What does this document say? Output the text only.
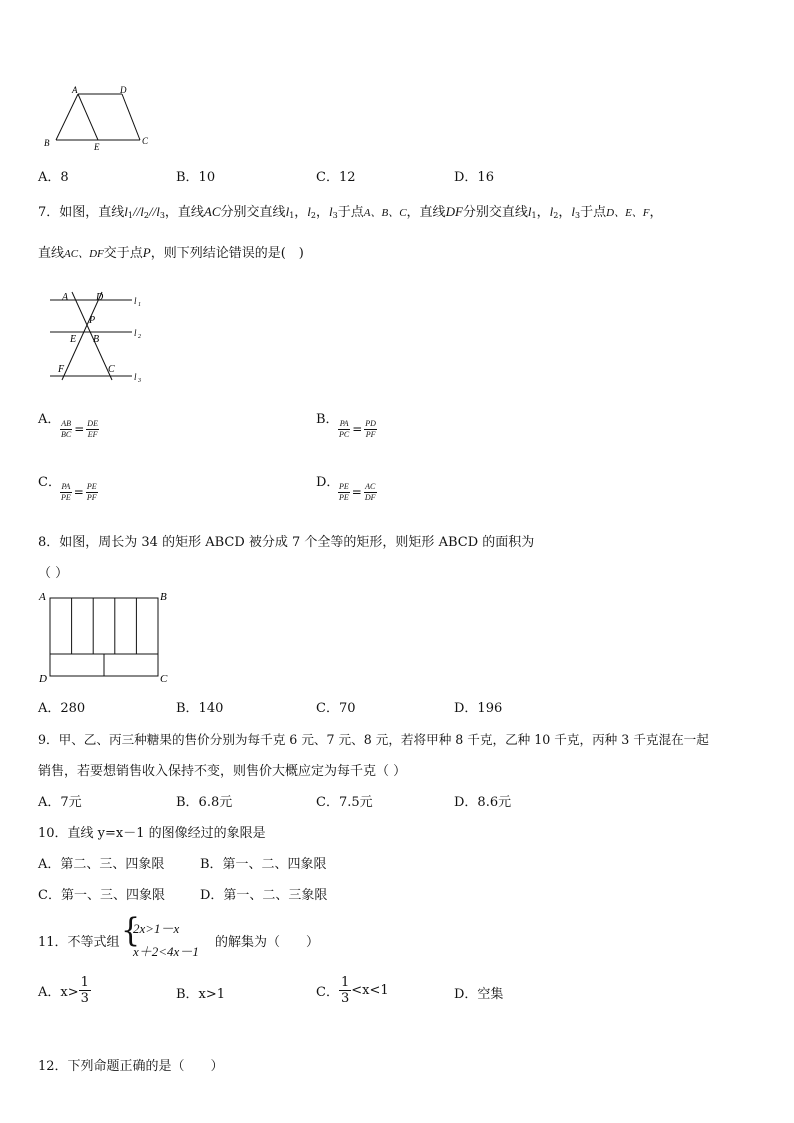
A	D
B	E
C
A．8	B．10	C．12	D．16
7．如图，直线$l_1//l_2//l_3$，直线AC分别交直线$l_1$，$l_2$，$l_3$于点A、B、C，直线DF分别交直线$l_1$，$l_2$，$l_3$于点D、E、F，
直线AC、DF交于点P，则下列结论错误的是(　)
A	D
P
E B
F	C
l 1
l 2
l 3
A． $\frac{AB}{BC} = \frac{DE}{EF}$	B． $\frac{PA}{PC} = \frac{PD}{PF}$
C． $\frac{PA}{PE} = \frac{PE}{PF}$	D．
$\frac{PE}{PE} = \frac{AC}{DF}$
8．如图，周长为 34 的矩形 ABCD 被分成 7 个全等的矩形，则矩形 ABCD 的面积为
（ ）
A	B
D	C
A．280	B．140	C．70	D．196
9．甲、乙、丙三种糖果的售价分别为每千克 6 元、7 元、8 元，若将甲种 8 千克，乙种 10 千克，丙种 3 千克混在一起
销售，若要想销售收入保持不变，则售价大概应定为每千克（ ）
A．7元	B．6.8元	C．7.5元	D．8.6元
10．直线 y=x－1 的图像经过的象限是
A．第二、三、四象限	B．第一、二、四象限
C．第一、三、四象限	D．第一、二、三象限
11．不等式组 {
2x>1－x
x＋2<4x－1
的解集为（　　）
A．$x> \frac{1}{3}$	B．x>1	C． $\frac{1}{3} <x<1$	D．空集
12．下列命题正确的是（　　）
